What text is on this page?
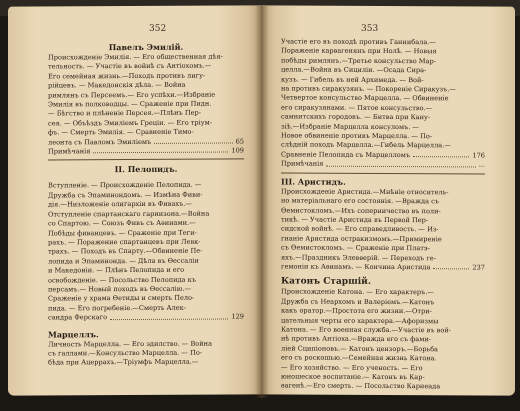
352
Павелъ Эмилій.
Происхожденіе Эмилія. — Его общественная дѣя-
тельность. — Участіе въ войнѣ съ Антіохомъ.—
Его семейная жизнь.—Походъ противъ лигу-
рійцевъ. — Македонскія дѣла. — Война
римлянъ съ Персеемъ.— Его успѣхи.—Избраніе
Эмилія въ полководцы. — Сраженіе при Пидн.
— Бѣгство и плѣненіе Персея.—Плѣнъ Пер-
сея. — Объѣздъ Эмиліемъ Греціи. — Его тріум-
фъ. — Смерть Эмилія. — Сравненіе Тимо-
леонта съ Павломъ Эмиліемъ	65
Примѣчанія	109
II. Пелопидъ.
Вступленіе. — Происхожденіе Пелопида. —
Дружба съ Эпаминондомъ. — Измѣна Фиви-
дія.—Низложеніе олигархіи въ Фивахъ.—
Отступленіе спартанскаго гарнизона.—Война
со Спартою. — Союзъ Фивъ съ Аѳинами.—
Побѣды фиванцевъ. — Сраженіе при Теги-
рахъ. — Поражение спартанцевъ при Левк-
трахъ. — Походъ въ Спарту.—Обвиненіе Пе-
лопида и Эпаминонда. — Дѣла въ Ѳессаліи
и Македоніи. — Плѣнъ Пелопида и его
освобожденіе. — Посольство Пелопида къ
персамъ.— Новый походъ въ Ѳессалію.—
Сраженіе у храма Ѳетиды и смерть Пело-
пида. — Его погребеніе.—Смерть Алек-
сандра Ферскаго	129
Марцеллъ.
Личность Марцелла. — Его эдилство. — Война
съ галлами.—Консульство Марцелла. — По-
бѣда при Ацеррахъ.—Тріумфъ Марцелла.—
353
Участіе его въ походѣ противъ Ганнибала.—
Пораженіе карѳагенянъ при Нолѣ. — Новыя
побѣды римлянъ.—Третье консульство Мар-
целла.—Война въ Сициліи. —Осада Сира-
кузъ. — Гибель въ ней Архимеда. — Вой-
на противъ сиракузянъ. — Покореніе Сиракузъ.—
Четвертое консульство Марцелла. — Обвиненіе
его сиракузянами. — Пятое консульство.—
самнитскихъ городовъ. — Битва при Кану-
зіѣ.—Избраніе Марцелла консуломъ. —
Новое обвиненіе противъ Марцелла. — По-
слѣдній походъ Марцелла.—Гибель Марцелла.—
Сравненіе Пелопида съ Марцелломъ	176
Примѣчанія	...
III. Аристидъ.
Происхожденіе Аристида.—Мнѣніе относитель-
но матеріальнаго его состоянія. —Вражда съ
Ѳемистокломъ.—Ихъ соперничество въ поли-
тикѣ. — Участіе Аристида въ Первой Пер-
сидской войнѣ. — Его справедливость. — Из-
гнаніе Аристида остракизмомъ.—Примиреніе
съ Ѳемистокломъ. — Сраженіе при Платэ-
яхъ.—Праздникъ Элевѳерій. — Переходъ ге-
гемоніи къ Аѳинамъ. — Кончина Аристида	237
Катонъ Старшій.
Происхожденіе Катона. — Его характеръ.—
Дружба съ Неархомъ и Валеріемъ.—Катонъ
какъ оратор.—Простота его жизни.—Отри-
цательныя черты его характера.—Афоризмы
Катона. — Его военная служба.—Участіе въ вой-
нѣ противъ Антіоха.—Вражда его съ фами-
ліей Сципіоновъ.— Катонъ цензоръ.—Борьба
его съ роскошью.—Семейная жизнь Катона.
— Его хозяйство. — Его ученость. — Его
юношеское воспитаніе.— Катонъ въ Кар-
ѳагенѣ.—Его смерть. — Посольство Карнеада
